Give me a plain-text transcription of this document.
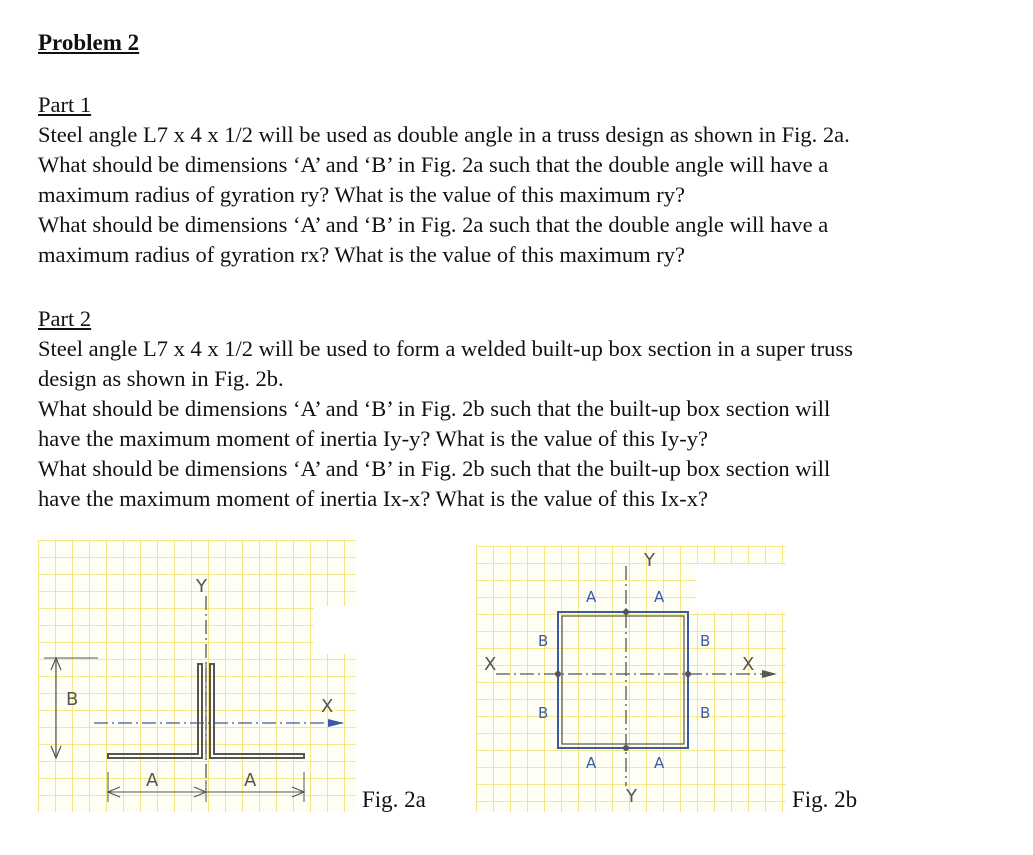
Problem 2
Part 1
Steel angle L7 x 4 x 1/2 will be used as double angle in a truss design as shown in Fig. 2a.
What should be dimensions ‘A’ and ‘B’ in Fig. 2a such that the double angle will have a
maximum radius of gyration ry? What is the value of this maximum ry?
What should be dimensions ‘A’ and ‘B’ in Fig. 2a such that the double angle will have a
maximum radius of gyration rx? What is the value of this maximum ry?
Part 2
Steel angle L7 x 4 x 1/2 will be used to form a welded built-up box section in a super truss
design as shown in Fig. 2b.
What should be dimensions ‘A’ and ‘B’ in Fig. 2b such that the built-up box section will
have the maximum moment of inertia Iy-y? What is the value of this Iy-y?
What should be dimensions ‘A’ and ‘B’ in Fig. 2b such that the built-up box section will
have the maximum moment of inertia Ix-x? What is the value of this Ix-x?
Y
X
B
A	A
Fig. 2a
Y
Y
X	X
A	A
A	A
B
B
B
B
Fig. 2b
